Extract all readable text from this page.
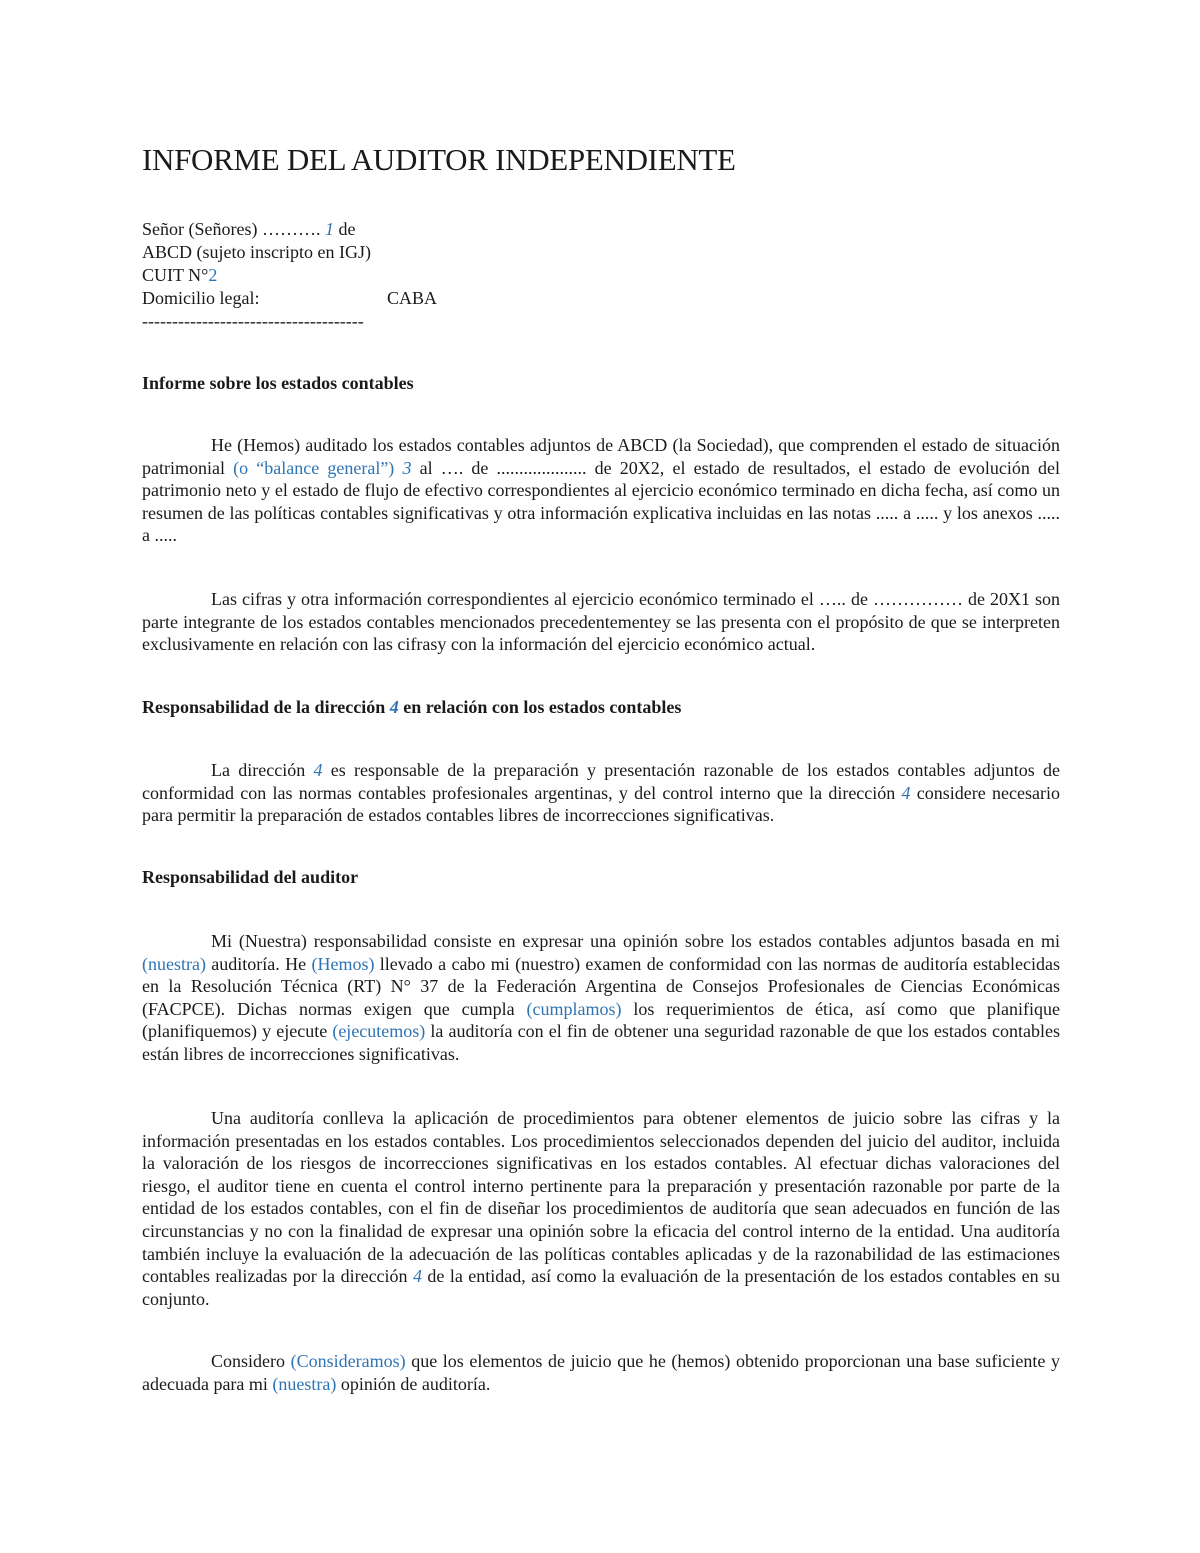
INFORME DEL AUDITOR INDEPENDIENTE
Señor (Señores) ………. 1 de
ABCD (sujeto inscripto en IGJ)
CUIT N°2
Domicilio legal:	CABA
-------------------------------------
Informe sobre los estados contables
He (Hemos) auditado los estados contables adjuntos de ABCD (la Sociedad), que comprenden el estado de situación patrimonial (o “balance general”) 3 al …. de .................... de 20X2, el estado de resultados, el estado de evolución del patrimonio neto y el estado de flujo de efectivo correspondientes al ejercicio económico terminado en dicha fecha, así como un resumen de las políticas contables significativas y otra información explicativa incluidas en las notas ..... a ..... y los anexos ..... a .....
Las cifras y otra información correspondientes al ejercicio económico terminado el ….. de …………… de 20X1 son parte integrante de los estados contables mencionados precedentementey se las presenta con el propósito de que se interpreten exclusivamente en relación con las cifrasy con la información del ejercicio económico actual.
Responsabilidad de la dirección 4 en relación con los estados contables
La dirección 4 es responsable de la preparación y presentación razonable de los estados contables adjuntos de conformidad con las normas contables profesionales argentinas, y del control interno que la dirección 4 considere necesario para permitir la preparación de estados contables libres de incorrecciones significativas.
Responsabilidad del auditor
Mi (Nuestra) responsabilidad consiste en expresar una opinión sobre los estados contables adjuntos basada en mi (nuestra) auditoría. He (Hemos) llevado a cabo mi (nuestro) examen de conformidad con las normas de auditoría establecidas en la Resolución Técnica (RT) N° 37 de la Federación Argentina de Consejos Profesionales de Ciencias Económicas (FACPCE). Dichas normas exigen que cumpla (cumplamos) los requerimientos de ética, así como que planifique (planifiquemos) y ejecute (ejecutemos) la auditoría con el fin de obtener una seguridad razonable de que los estados contables están libres de incorrecciones significativas.
Una auditoría conlleva la aplicación de procedimientos para obtener elementos de juicio sobre las cifras y la información presentadas en los estados contables. Los procedimientos seleccionados dependen del juicio del auditor, incluida la valoración de los riesgos de incorrecciones significativas en los estados contables. Al efectuar dichas valoraciones del riesgo, el auditor tiene en cuenta el control interno pertinente para la preparación y presentación razonable por parte de la entidad de los estados contables, con el fin de diseñar los procedimientos de auditoría que sean adecuados en función de las circunstancias y no con la finalidad de expresar una opinión sobre la eficacia del control interno de la entidad. Una auditoría también incluye la evaluación de la adecuación de las políticas contables aplicadas y de la razonabilidad de las estimaciones contables realizadas por la dirección 4 de la entidad, así como la evaluación de la presentación de los estados contables en su conjunto.
Considero (Consideramos) que los elementos de juicio que he (hemos) obtenido proporcionan una base suficiente y adecuada para mi (nuestra) opinión de auditoría.
